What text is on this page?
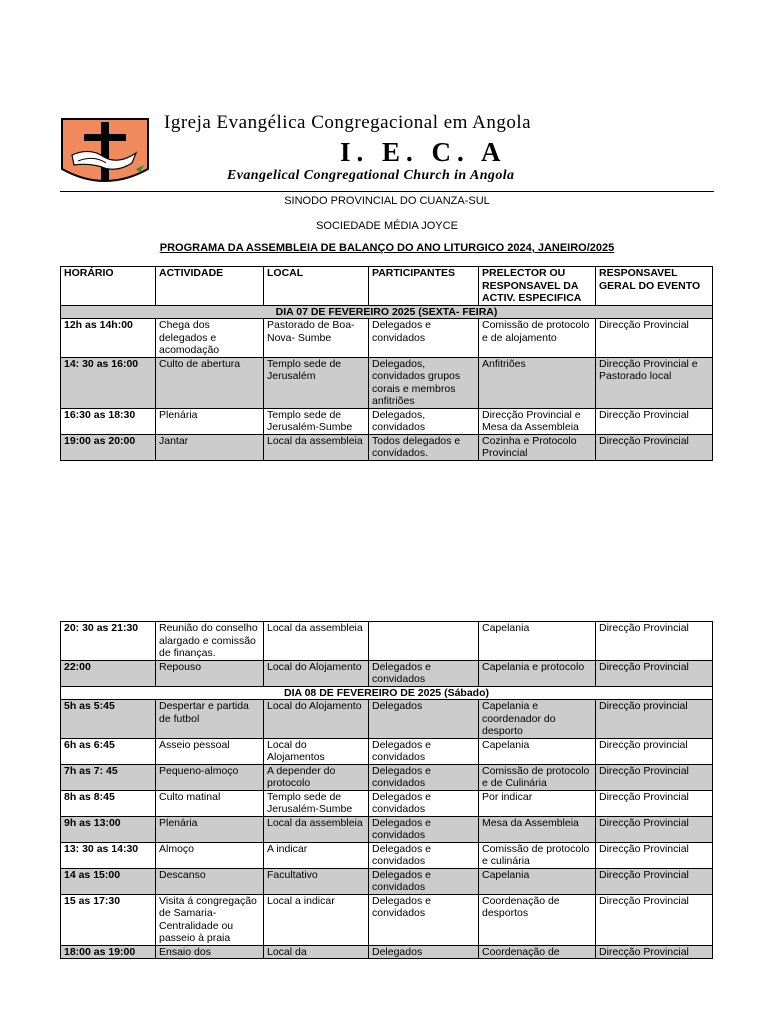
Igreja Evangélica Congregacional em Angola
I. E. C. A
Evangelical Congregational Church in Angola
SINODO PROVINCIAL DO CUANZA-SUL
SOCIEDADE MÉDIA JOYCE
PROGRAMA DA ASSEMBLEIA DE BALANÇO DO ANO LITURGICO 2024, JANEIRO/2025
HORÁRIO	ACTIVIDADE	LOCAL	PARTICIPANTES	PRELECTOR OU RESPONSAVEL DA ACTIV. ESPECIFICA	RESPONSAVEL GERAL DO EVENTO
DIA 07 DE FEVEREIRO 2025 (SEXTA- FEIRA)					
12h as 14h:00	Chega dos delegados e acomodação	Pastorado de Boa-Nova- Sumbe	Delegados e convidados	Comissão de protocolo e de alojamento	Direcção Provincial
14: 30 as 16:00	Culto de abertura	Templo sede de Jerusalém	Delegados, convidados grupos corais e membros anfitriões	Anfitriões	Direcção Provincial e Pastorado local
16:30 as 18:30	Plenária	Templo sede de Jerusalém-Sumbe	Delegados, convidados	Direcção Provincial e Mesa da Assembleia	Direcção Provincial
19:00 as 20:00	Jantar	Local da assembleia	Todos delegados e convidados.	Cozinha e Protocolo Provincial	Direcção Provincial
20: 30 as 21:30	Reunião do conselho alargado e comissão de finanças.	Local da assembleia		Capelania	Direcção Provincial
22:00	Repouso	Local do Alojamento	Delegados e convidados	Capelania e protocolo	Direcção Provincial
DIA 08 DE FEVEREIRO DE 2025 (Sábado)					
5h as 5:45	Despertar e partida de futbol	Local do Alojamento	Delegados	Capelania e coordenador do desporto	Direcção provincial
6h as 6:45	Asseio pessoal	Local do Alojamentos	Delegados e convidados	Capelania	Direcção provincial
7h as 7: 45	Pequeno-almoço	A depender do protocolo	Delegados e convidados	Comissão de protocolo e de Culinária	Direcção Provincial
8h as 8:45	Culto matinal	Templo sede de Jerusalém-Sumbe	Delegados e convidados	Por indicar	Direcção Provincial
9h as 13:00	Plenária	Local da assembleia	Delegados e convidados	Mesa da Assembleia	Direcção Provincial
13: 30 as 14:30	Almoço	A indicar	Delegados e convidados	Comissão de protocolo e culinária	Direcção Provincial
14 as 15:00	Descanso	Facultativo	Delegados e convidados	Capelania	Direcção Provincial
15 as 17:30	Visita á congregação de Samaria-Centralidade ou passeio à praia	Local a indicar	Delegados e convidados	Coordenação de desportos	Direcção Provincial
18:00 as 19:00	Ensaio dos	Local da	Delegados	Coordenação de	Direcção Provincial
